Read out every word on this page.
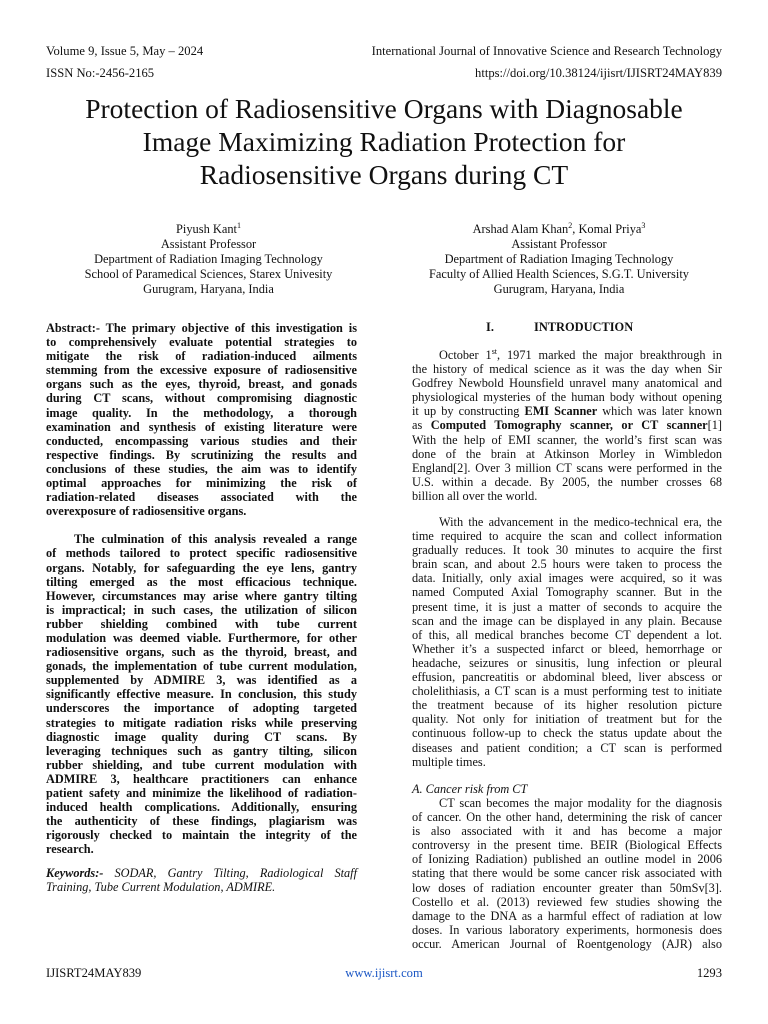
Volume 9, Issue 5, May – 2024	International Journal of Innovative Science and Research Technology
ISSN No:-2456-2165	https://doi.org/10.38124/ijisrt/IJISRT24MAY839
Protection of Radiosensitive Organs with Diagnosable
Image Maximizing Radiation Protection for
Radiosensitive Organs during CT
Piyush Kant$^1$
Assistant Professor
Department of Radiation Imaging Technology
School of Paramedical Sciences, Starex Univesity
Gurugram, Haryana, India
Arshad Alam Khan$^2$, Komal Priya$^3$
Assistant Professor
Department of Radiation Imaging Technology
Faculty of Allied Health Sciences, S.G.T. University
Gurugram, Haryana, India
Abstract:- The primary objective of this investigation is
to comprehensively evaluate potential strategies to
mitigate the risk of radiation-induced ailments
stemming from the excessive exposure of radiosensitive
organs such as the eyes, thyroid, breast, and gonads
during CT scans, without compromising diagnostic
image quality. In the methodology, a thorough
examination and synthesis of existing literature were
conducted, encompassing various studies and their
respective findings. By scrutinizing the results and
conclusions of these studies, the aim was to identify
optimal approaches for minimizing the risk of
radiation-related diseases associated with the
overexposure of radiosensitive organs.
The culmination of this analysis revealed a range
of methods tailored to protect specific radiosensitive
organs. Notably, for safeguarding the eye lens, gantry
tilting emerged as the most efficacious technique.
However, circumstances may arise where gantry tilting
is impractical; in such cases, the utilization of silicon
rubber shielding combined with tube current
modulation was deemed viable. Furthermore, for other
radiosensitive organs, such as the thyroid, breast, and
gonads, the implementation of tube current modulation,
supplemented by ADMIRE 3, was identified as a
significantly effective measure. In conclusion, this study
underscores the importance of adopting targeted
strategies to mitigate radiation risks while preserving
diagnostic image quality during CT scans. By
leveraging techniques such as gantry tilting, silicon
rubber shielding, and tube current modulation with
ADMIRE 3, healthcare practitioners can enhance
patient safety and minimize the likelihood of radiation-
induced health complications. Additionally, ensuring
the authenticity of these findings, plagiarism was
rigorously checked to maintain the integrity of the
research.
Keywords:- SODAR, Gantry Tilting, Radiological Staff
Training, Tube Current Modulation, ADMIRE.
I.	INTRODUCTION
October 1st, 1971 marked the major breakthrough in
the history of medical science as it was the day when Sir
Godfrey Newbold Hounsfield unravel many anatomical and
physiological mysteries of the human body without opening
it up by constructing EMI Scanner which was later known
as Computed Tomography scanner, or CT scanner[1]
With the help of EMI scanner, the world’s first scan was
done of the brain at Atkinson Morley in Wimbledon
England[2]. Over 3 million CT scans were performed in the
U.S. within a decade. By 2005, the number crosses 68
billion all over the world.
With the advancement in the medico-technical era, the
time required to acquire the scan and collect information
gradually reduces. It took 30 minutes to acquire the first
brain scan, and about 2.5 hours were taken to process the
data. Initially, only axial images were acquired, so it was
named Computed Axial Tomography scanner. But in the
present time, it is just a matter of seconds to acquire the
scan and the image can be displayed in any plain. Because
of this, all medical branches become CT dependent a lot.
Whether it’s a suspected infarct or bleed, hemorrhage or
headache, seizures or sinusitis, lung infection or pleural
effusion, pancreatitis or abdominal bleed, liver abscess or
cholelithiasis, a CT scan is a must performing test to initiate
the treatment because of its higher resolution picture
quality. Not only for initiation of treatment but for the
continuous follow-up to check the status update about the
diseases and patient condition; a CT scan is performed
multiple times.
A. Cancer risk from CT
CT scan becomes the major modality for the diagnosis
of cancer. On the other hand, determining the risk of cancer
is also associated with it and has become a major
controversy in the present time. BEIR (Biological Effects
of Ionizing Radiation) published an outline model in 2006
stating that there would be some cancer risk associated with
low doses of radiation encounter greater than 50mSv[3].
Costello et al. (2013) reviewed few studies showing the
damage to the DNA as a harmful effect of radiation at low
doses. In various laboratory experiments, hormonesis does
occur. American Journal of Roentgenology (AJR) also
IJISRT24MAY839	www.ijisrt.com	1293
